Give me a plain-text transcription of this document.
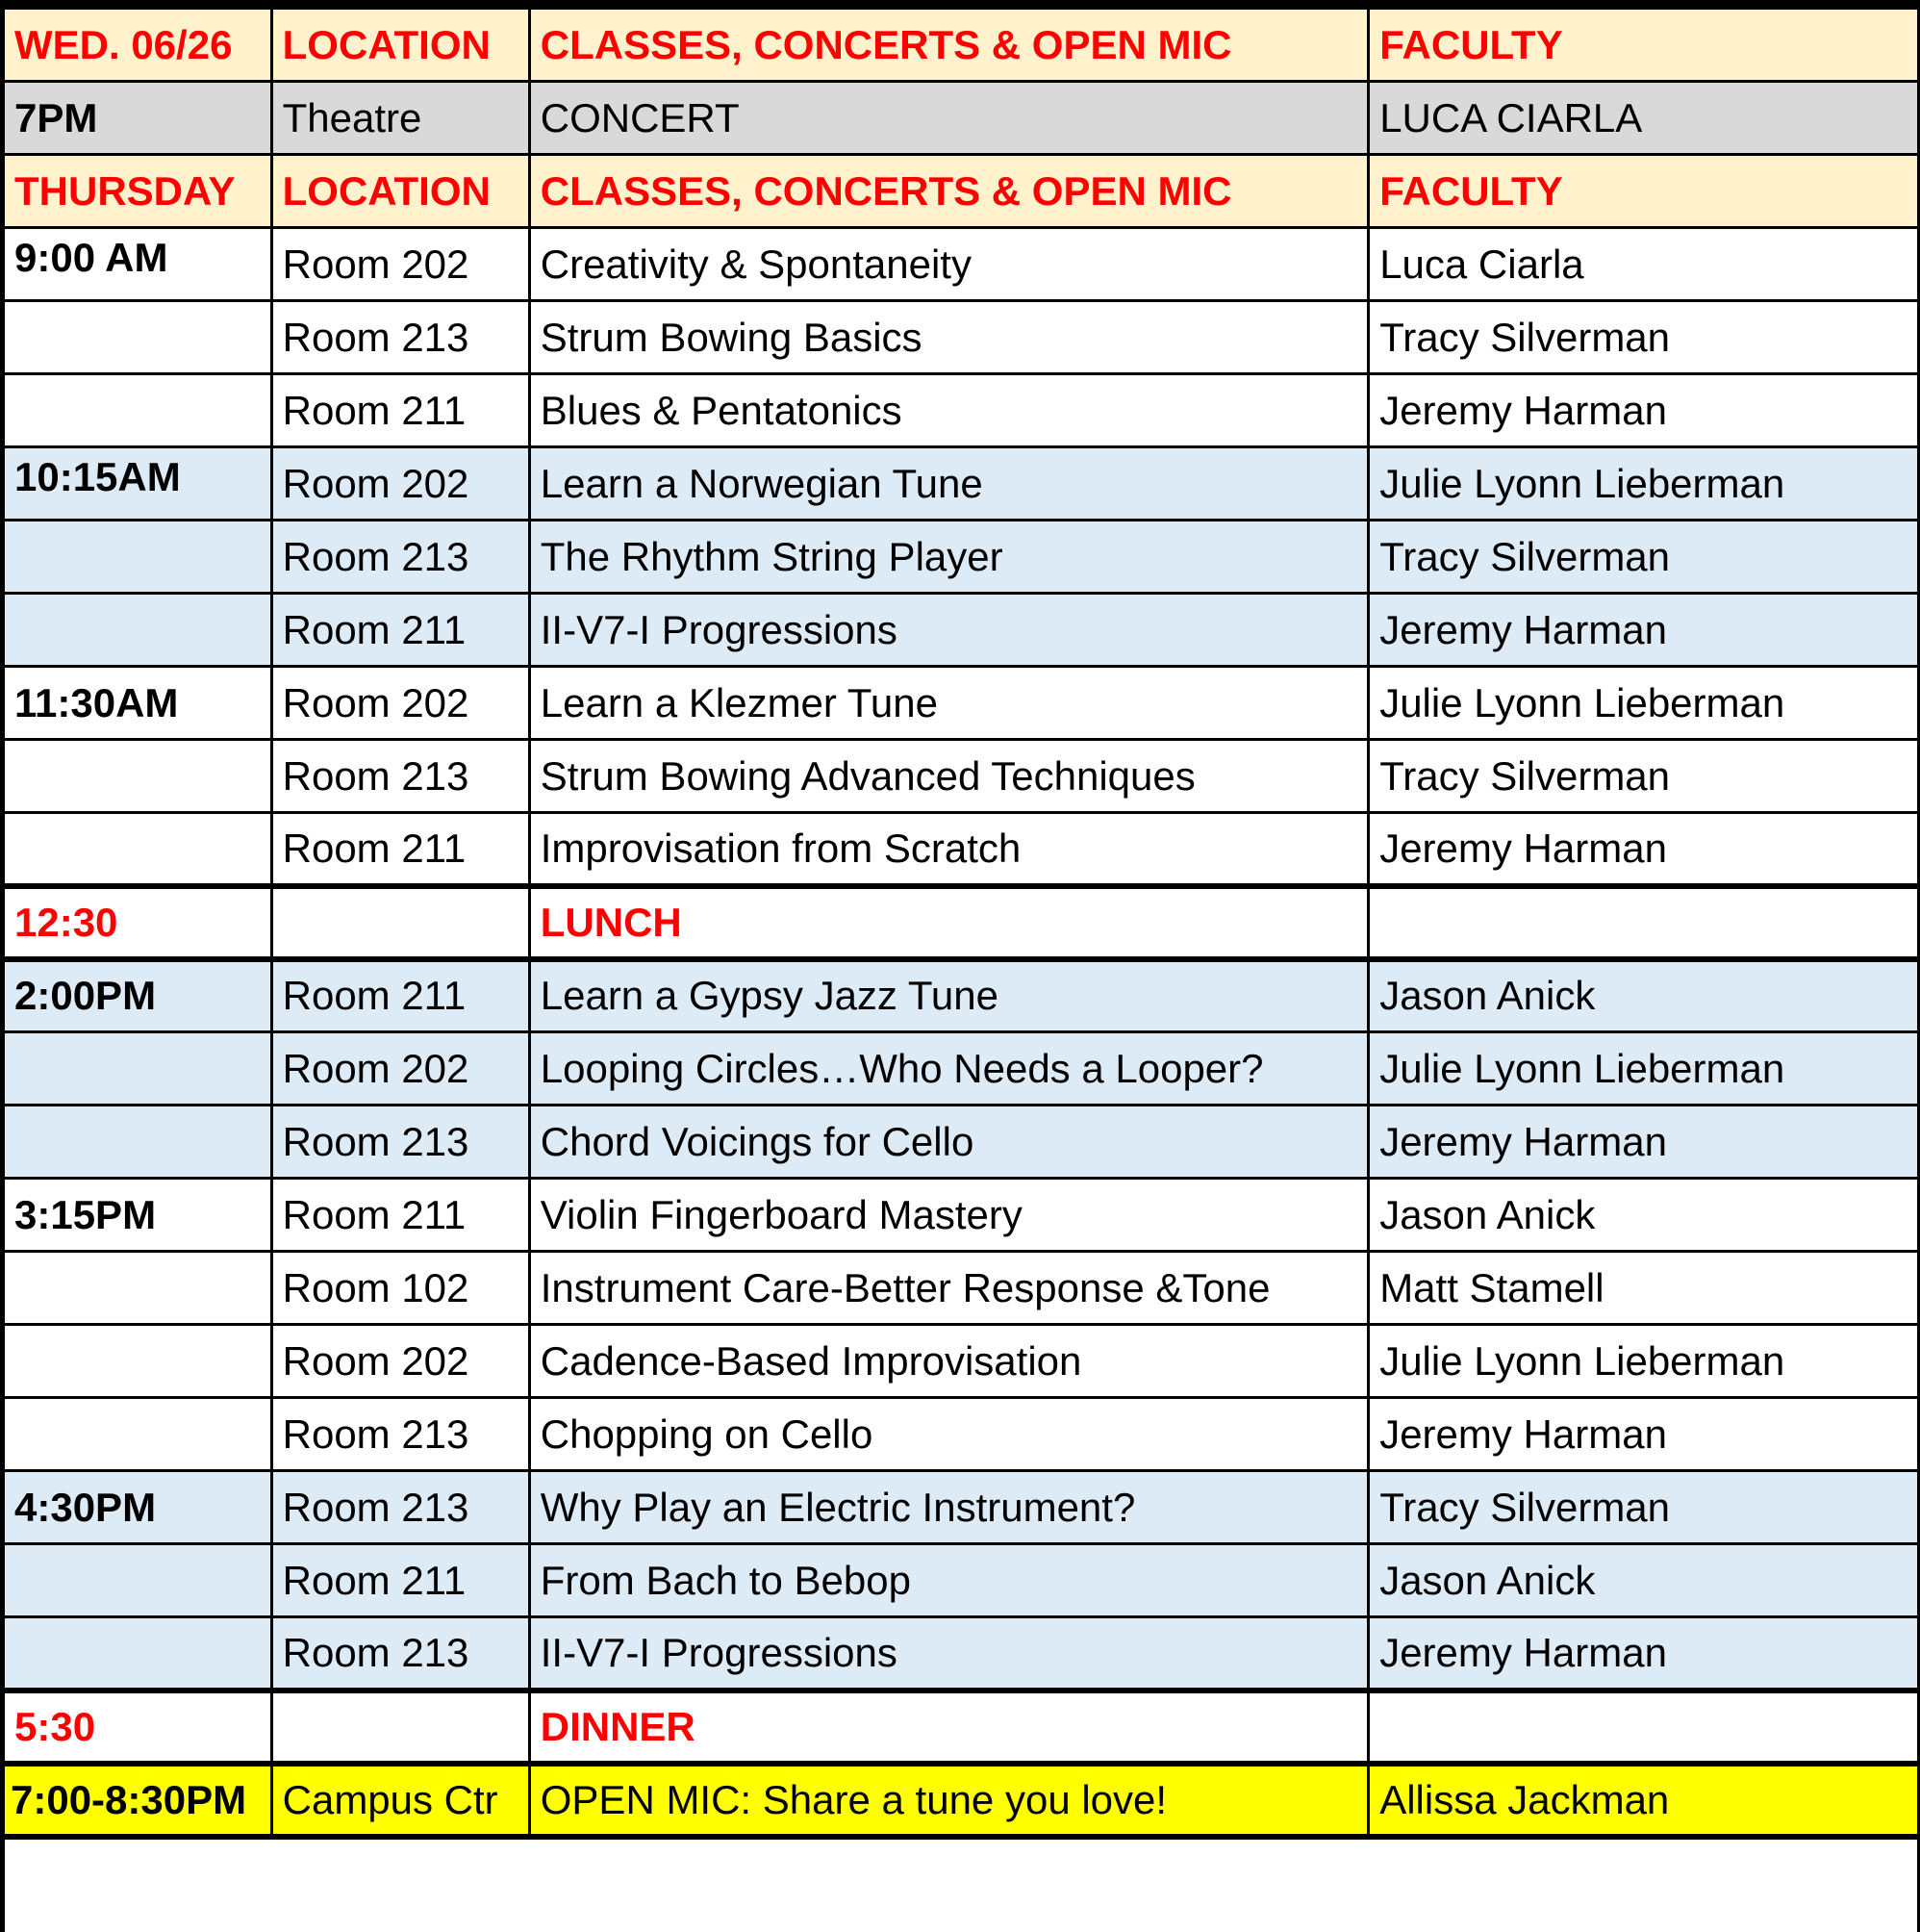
WED. 06/26	LOCATION	CLASSES, CONCERTS & OPEN MIC	FACULTY
7PM	Theatre	CONCERT	LUCA CIARLA
THURSDAY	LOCATION	CLASSES, CONCERTS & OPEN MIC	FACULTY
9:00 AM	Room 202	Creativity & Spontaneity	Luca Ciarla
	Room 213	Strum Bowing Basics	Tracy Silverman
	Room 211	Blues & Pentatonics	Jeremy Harman
10:15AM	Room 202	Learn a Norwegian Tune	Julie Lyonn Lieberman
	Room 213	The Rhythm String Player	Tracy Silverman
	Room 211	II-V7-I Progressions	Jeremy Harman
11:30AM	Room 202	Learn a Klezmer Tune	Julie Lyonn Lieberman
	Room 213	Strum Bowing Advanced Techniques	Tracy Silverman
	Room 211	Improvisation from Scratch	Jeremy Harman
12:30		LUNCH	
2:00PM	Room 211	Learn a Gypsy Jazz Tune	Jason Anick
	Room 202	Looping Circles…Who Needs a Looper?	Julie Lyonn Lieberman
	Room 213	Chord Voicings for Cello	Jeremy Harman
3:15PM	Room 211	Violin Fingerboard Mastery	Jason Anick
	Room 102	Instrument Care-Better Response &Tone	Matt Stamell
	Room 202	Cadence-Based Improvisation	Julie Lyonn Lieberman
	Room 213	Chopping on Cello	Jeremy Harman
4:30PM	Room 213	Why Play an Electric Instrument?	Tracy Silverman
	Room 211	From Bach to Bebop	Jason Anick
	Room 213	II-V7-I Progressions	Jeremy Harman
5:30		DINNER	
7:00-8:30PM	Campus Ctr	OPEN MIC: Share a tune you love!	Allissa Jackman
